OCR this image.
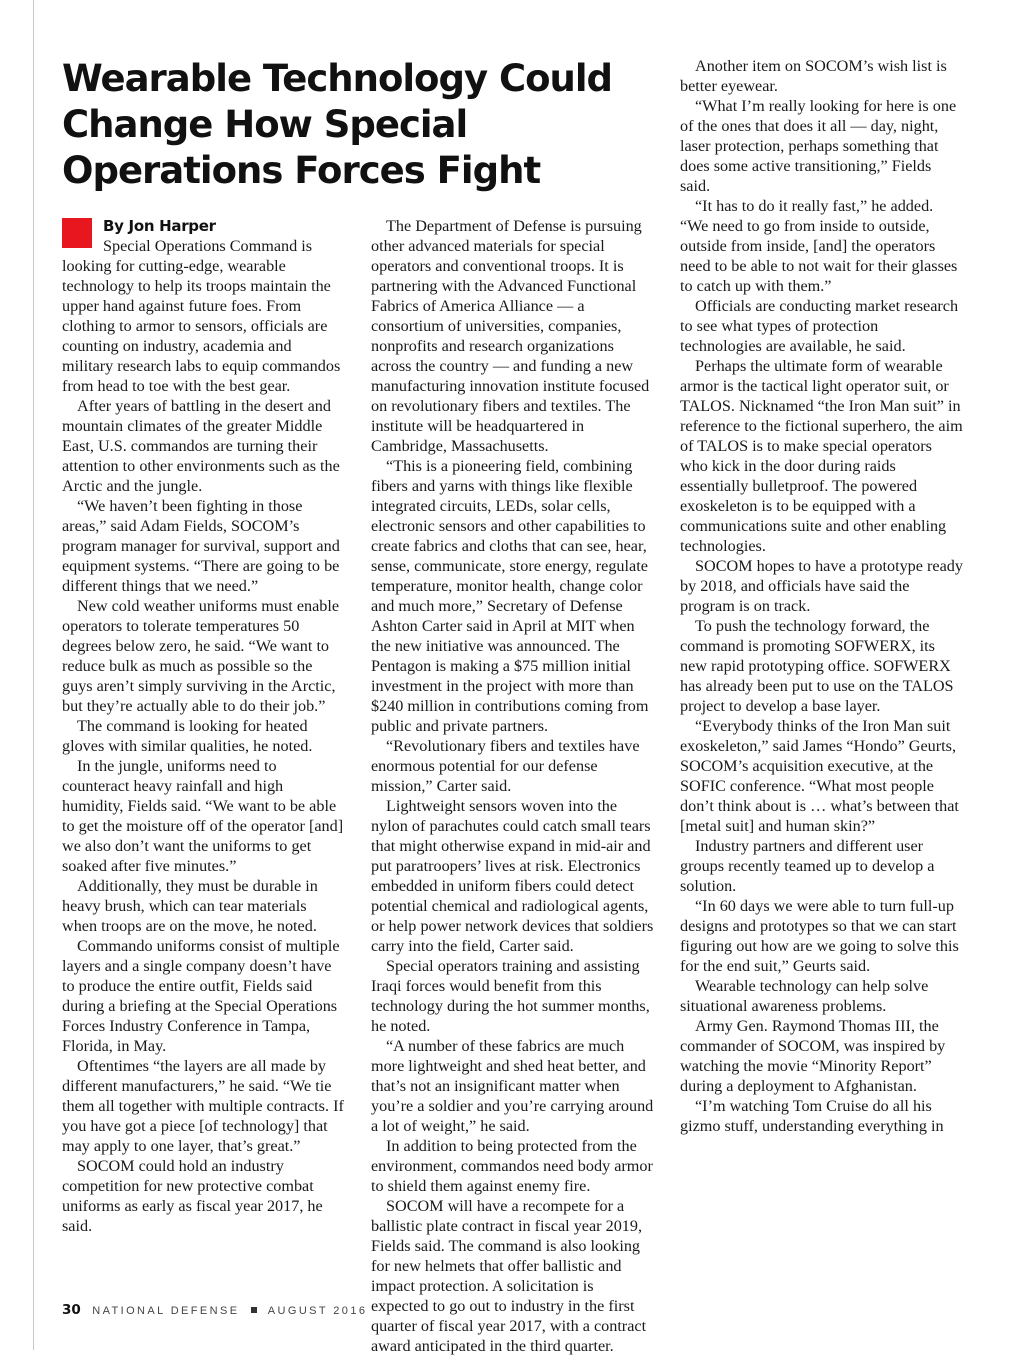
Wearable Technology Could Change How Special Operations Forces Fight
By Jon Harper

Special Operations Command is looking for cutting-edge, wearable technology to help its troops maintain the upper hand against future foes. From clothing to armor to sensors, officials are counting on industry, academia and military research labs to equip commandos from head to toe with the best gear.

After years of battling in the desert and mountain climates of the greater Middle East, U.S. commandos are turning their attention to other environments such as the Arctic and the jungle.

“We haven’t been fighting in those areas,” said Adam Fields, SOCOM’s program manager for survival, support and equipment systems. “There are going to be different things that we need.”

New cold weather uniforms must enable operators to tolerate temperatures 50 degrees below zero, he said. “We want to reduce bulk as much as possible so the guys aren’t simply surviving in the Arctic, but they’re actually able to do their job.”

The command is looking for heated gloves with similar qualities, he noted.

In the jungle, uniforms need to counteract heavy rainfall and high humidity, Fields said. “We want to be able to get the moisture off of the operator [and] we also don’t want the uniforms to get soaked after five minutes.”

Additionally, they must be durable in heavy brush, which can tear materials when troops are on the move, he noted.

Commando uniforms consist of multiple layers and a single company doesn’t have to produce the entire outfit, Fields said during a briefing at the Special Operations Forces Industry Conference in Tampa, Florida, in May.

Oftentimes “the layers are all made by different manufacturers,” he said. “We tie them all together with multiple contracts. If you have got a piece [of technology] that may apply to one layer, that’s great.”

SOCOM could hold an industry competition for new protective combat uniforms as early as fiscal year 2017, he said.

The Department of Defense is pursuing other advanced materials for special operators and conventional troops. It is partnering with the Advanced Functional Fabrics of America Alliance — a consortium of universities, companies, nonprofits and research organizations across the country — and funding a new manufacturing innovation institute focused on revolutionary fibers and textiles. The institute will be headquartered in Cambridge, Massachusetts.

“This is a pioneering field, combining fibers and yarns with things like flexible integrated circuits, LEDs, solar cells, electronic sensors and other capabilities to create fabrics and cloths that can see, hear, sense, communicate, store energy, regulate temperature, monitor health, change color and much more,” Secretary of Defense Ashton Carter said in April at MIT when the new initiative was announced. The Pentagon is making a $75 million initial investment in the project with more than $240 million in contributions coming from public and private partners.

“Revolutionary fibers and textiles have enormous potential for our defense mission,” Carter said.

Lightweight sensors woven into the nylon of parachutes could catch small tears that might otherwise expand in mid-air and put paratroopers’ lives at risk. Electronics embedded in uniform fibers could detect potential chemical and radiological agents, or help power network devices that soldiers carry into the field, Carter said.

Special operators training and assisting Iraqi forces would benefit from this technology during the hot summer months, he noted.

“A number of these fabrics are much more lightweight and shed heat better, and that’s not an insignificant matter when you’re a soldier and you’re carrying around a lot of weight,” he said.

In addition to being protected from the environment, commandos need body armor to shield them against enemy fire.

SOCOM will have a recompete for a ballistic plate contract in fiscal year 2019, Fields said. The command is also looking for new helmets that offer ballistic and impact protection. A solicitation is expected to go out to industry in the first quarter of fiscal year 2017, with a contract award anticipated in the third quarter.

Another item on SOCOM’s wish list is better eyewear.

“What I’m really looking for here is one of the ones that does it all — day, night, laser protection, perhaps something that does some active transitioning,” Fields said.

“It has to do it really fast,” he added. “We need to go from inside to outside, outside from inside, [and] the operators need to be able to not wait for their glasses to catch up with them.”

Officials are conducting market research to see what types of protection technologies are available, he said.

Perhaps the ultimate form of wearable armor is the tactical light operator suit, or TALOS. Nicknamed “the Iron Man suit” in reference to the fictional superhero, the aim of TALOS is to make special operators who kick in the door during raids essentially bulletproof. The powered exoskeleton is to be equipped with a communications suite and other enabling technologies.

SOCOM hopes to have a prototype ready by 2018, and officials have said the program is on track.

To push the technology forward, the command is promoting SOFWERX, its new rapid prototyping office. SOFWERX has already been put to use on the TALOS project to develop a base layer.

“Everybody thinks of the Iron Man suit exoskeleton,” said James “Hondo” Geurts, SOCOM’s acquisition executive, at the SOFIC conference. “What most people don’t think about is … what’s between that [metal suit] and human skin?”

Industry partners and different user groups recently teamed up to develop a solution.

“In 60 days we were able to turn full-up designs and prototypes so that we can start figuring out how are we going to solve this for the end suit,” Geurts said.

Wearable technology can help solve situational awareness problems.

Army Gen. Raymond Thomas III, the commander of SOCOM, was inspired by watching the movie “Minority Report” during a deployment to Afghanistan.

“I’m watching Tom Cruise do all his gizmo stuff, understanding everything in

30 NATIONAL DEFENSE	AUGUST 2016
